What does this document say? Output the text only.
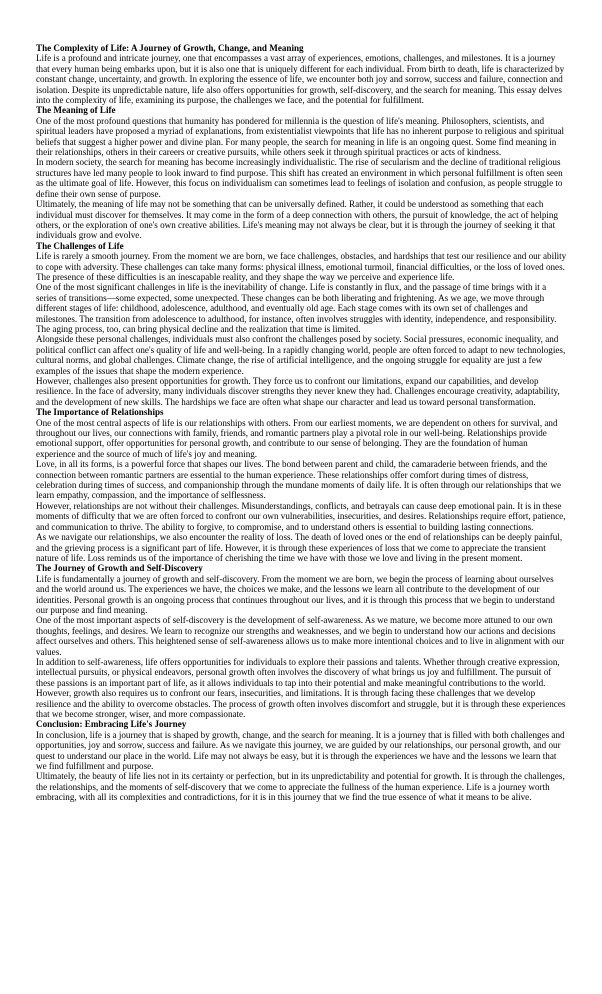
The Complexity of Life: A Journey of Growth, Change, and Meaning

Life is a profound and intricate journey, one that encompasses a vast array of experiences, emotions, challenges, and milestones. It is a journey that every human being embarks upon, but it is also one that is uniquely different for each individual. From birth to death, life is characterized by constant change, uncertainty, and growth. In exploring the essence of life, we encounter both joy and sorrow, success and failure, connection and isolation. Despite its unpredictable nature, life also offers opportunities for growth, self-discovery, and the search for meaning. This essay delves into the complexity of life, examining its purpose, the challenges we face, and the potential for fulfillment.

The Meaning of Life

One of the most profound questions that humanity has pondered for millennia is the question of life's meaning. Philosophers, scientists, and spiritual leaders have proposed a myriad of explanations, from existentialist viewpoints that life has no inherent purpose to religious and spiritual beliefs that suggest a higher power and divine plan. For many people, the search for meaning in life is an ongoing quest. Some find meaning in their relationships, others in their careers or creative pursuits, while others seek it through spiritual practices or acts of kindness.

In modern society, the search for meaning has become increasingly individualistic. The rise of secularism and the decline of traditional religious structures have led many people to look inward to find purpose. This shift has created an environment in which personal fulfillment is often seen as the ultimate goal of life. However, this focus on individualism can sometimes lead to feelings of isolation and confusion, as people struggle to define their own sense of purpose.

Ultimately, the meaning of life may not be something that can be universally defined. Rather, it could be understood as something that each individual must discover for themselves. It may come in the form of a deep connection with others, the pursuit of knowledge, the act of helping others, or the exploration of one's own creative abilities. Life's meaning may not always be clear, but it is through the journey of seeking it that individuals grow and evolve.

The Challenges of Life

Life is rarely a smooth journey. From the moment we are born, we face challenges, obstacles, and hardships that test our resilience and our ability to cope with adversity. These challenges can take many forms: physical illness, emotional turmoil, financial difficulties, or the loss of loved ones. The presence of these difficulties is an inescapable reality, and they shape the way we perceive and experience life.

One of the most significant challenges in life is the inevitability of change. Life is constantly in flux, and the passage of time brings with it a series of transitions—some expected, some unexpected. These changes can be both liberating and frightening. As we age, we move through different stages of life: childhood, adolescence, adulthood, and eventually old age. Each stage comes with its own set of challenges and milestones. The transition from adolescence to adulthood, for instance, often involves struggles with identity, independence, and responsibility. The aging process, too, can bring physical decline and the realization that time is limited.

Alongside these personal challenges, individuals must also confront the challenges posed by society. Social pressures, economic inequality, and political conflict can affect one's quality of life and well-being. In a rapidly changing world, people are often forced to adapt to new technologies, cultural norms, and global challenges. Climate change, the rise of artificial intelligence, and the ongoing struggle for equality are just a few examples of the issues that shape the modern experience.

However, challenges also present opportunities for growth. They force us to confront our limitations, expand our capabilities, and develop resilience. In the face of adversity, many individuals discover strengths they never knew they had. Challenges encourage creativity, adaptability, and the development of new skills. The hardships we face are often what shape our character and lead us toward personal transformation.

The Importance of Relationships

One of the most central aspects of life is our relationships with others. From our earliest moments, we are dependent on others for survival, and throughout our lives, our connections with family, friends, and romantic partners play a pivotal role in our well-being. Relationships provide emotional support, offer opportunities for personal growth, and contribute to our sense of belonging. They are the foundation of human experience and the source of much of life's joy and meaning.

Love, in all its forms, is a powerful force that shapes our lives. The bond between parent and child, the camaraderie between friends, and the connection between romantic partners are essential to the human experience. These relationships offer comfort during times of distress, celebration during times of success, and companionship through the mundane moments of daily life. It is often through our relationships that we learn empathy, compassion, and the importance of selflessness.

However, relationships are not without their challenges. Misunderstandings, conflicts, and betrayals can cause deep emotional pain. It is in these moments of difficulty that we are often forced to confront our own vulnerabilities, insecurities, and desires. Relationships require effort, patience, and communication to thrive. The ability to forgive, to compromise, and to understand others is essential to building lasting connections.

As we navigate our relationships, we also encounter the reality of loss. The death of loved ones or the end of relationships can be deeply painful, and the grieving process is a significant part of life. However, it is through these experiences of loss that we come to appreciate the transient nature of life. Loss reminds us of the importance of cherishing the time we have with those we love and living in the present moment.

The Journey of Growth and Self-Discovery

Life is fundamentally a journey of growth and self-discovery. From the moment we are born, we begin the process of learning about ourselves and the world around us. The experiences we have, the choices we make, and the lessons we learn all contribute to the development of our identities. Personal growth is an ongoing process that continues throughout our lives, and it is through this process that we begin to understand our purpose and find meaning.

One of the most important aspects of self-discovery is the development of self-awareness. As we mature, we become more attuned to our own thoughts, feelings, and desires. We learn to recognize our strengths and weaknesses, and we begin to understand how our actions and decisions affect ourselves and others. This heightened sense of self-awareness allows us to make more intentional choices and to live in alignment with our values.

In addition to self-awareness, life offers opportunities for individuals to explore their passions and talents. Whether through creative expression, intellectual pursuits, or physical endeavors, personal growth often involves the discovery of what brings us joy and fulfillment. The pursuit of these passions is an important part of life, as it allows individuals to tap into their potential and make meaningful contributions to the world.

However, growth also requires us to confront our fears, insecurities, and limitations. It is through facing these challenges that we develop resilience and the ability to overcome obstacles. The process of growth often involves discomfort and struggle, but it is through these experiences that we become stronger, wiser, and more compassionate.

Conclusion: Embracing Life's Journey

In conclusion, life is a journey that is shaped by growth, change, and the search for meaning. It is a journey that is filled with both challenges and opportunities, joy and sorrow, success and failure. As we navigate this journey, we are guided by our relationships, our personal growth, and our quest to understand our place in the world. Life may not always be easy, but it is through the experiences we have and the lessons we learn that we find fulfillment and purpose.

Ultimately, the beauty of life lies not in its certainty or perfection, but in its unpredictability and potential for growth. It is through the challenges, the relationships, and the moments of self-discovery that we come to appreciate the fullness of the human experience. Life is a journey worth embracing, with all its complexities and contradictions, for it is in this journey that we find the true essence of what it means to be alive.
